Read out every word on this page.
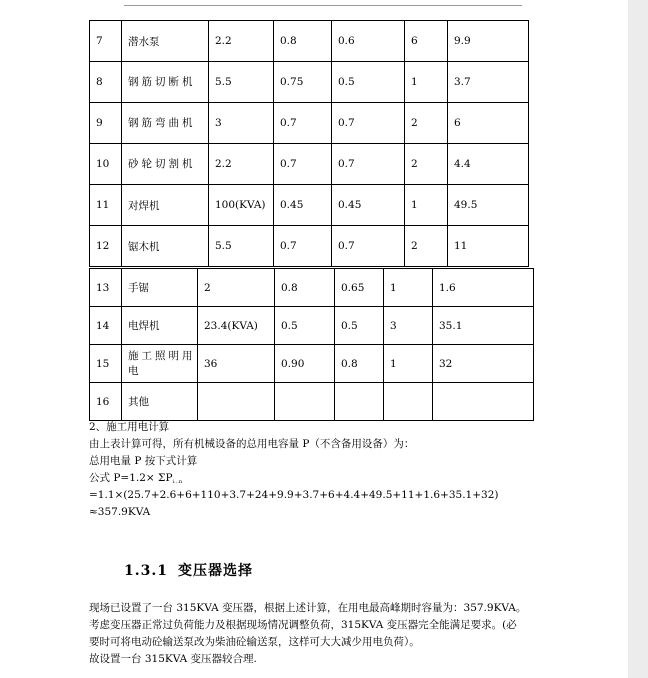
7	潜水泵	2.2	0.8	0.6	6	9.9
8	钢筋切断机	5.5	0.75	0.5	1	3.7
9	钢筋弯曲机	3	0.7	0.7	2	6
10	砂轮切割机	2.2	0.7	0.7	2	4.4
11	对焊机	100(KVA)	0.45	0.45	1	49.5
12	锯木机	5.5	0.7	0.7	2	11
13	手锯	2	0.8	0.65	1	1.6
14	电焊机	23.4(KVA)	0.5	0.5	3	35.1
15	施工照明用电	36	0.90	0.8	1	32
16	其他					
2、施工用电计算
由上表计算可得，所有机械设备的总用电容量 P（不含备用设备）为：
总用电量 P 按下式计算
公式 $P=1.2\times \Sigma P_{i...n}$
=1.1×(25.7+2.6+6+110+3.7+24+9.9+3.7+6+4.4+49.5+11+1.6+35.1+32)
≈357.9KVA
1.3.1 变压器选择
现场已设置了一台 315KVA 变压器，根据上述计算，在用电最高峰期时容量为：357.9KVA。
考虑变压器正常过负荷能力及根据现场情况调整负荷，315KVA 变压器完全能满足要求。(必
要时可将电动砼输送泵改为柴油砼输送泵，这样可大大减少用电负荷）。
故设置一台 315KVA 变压器较合理.
